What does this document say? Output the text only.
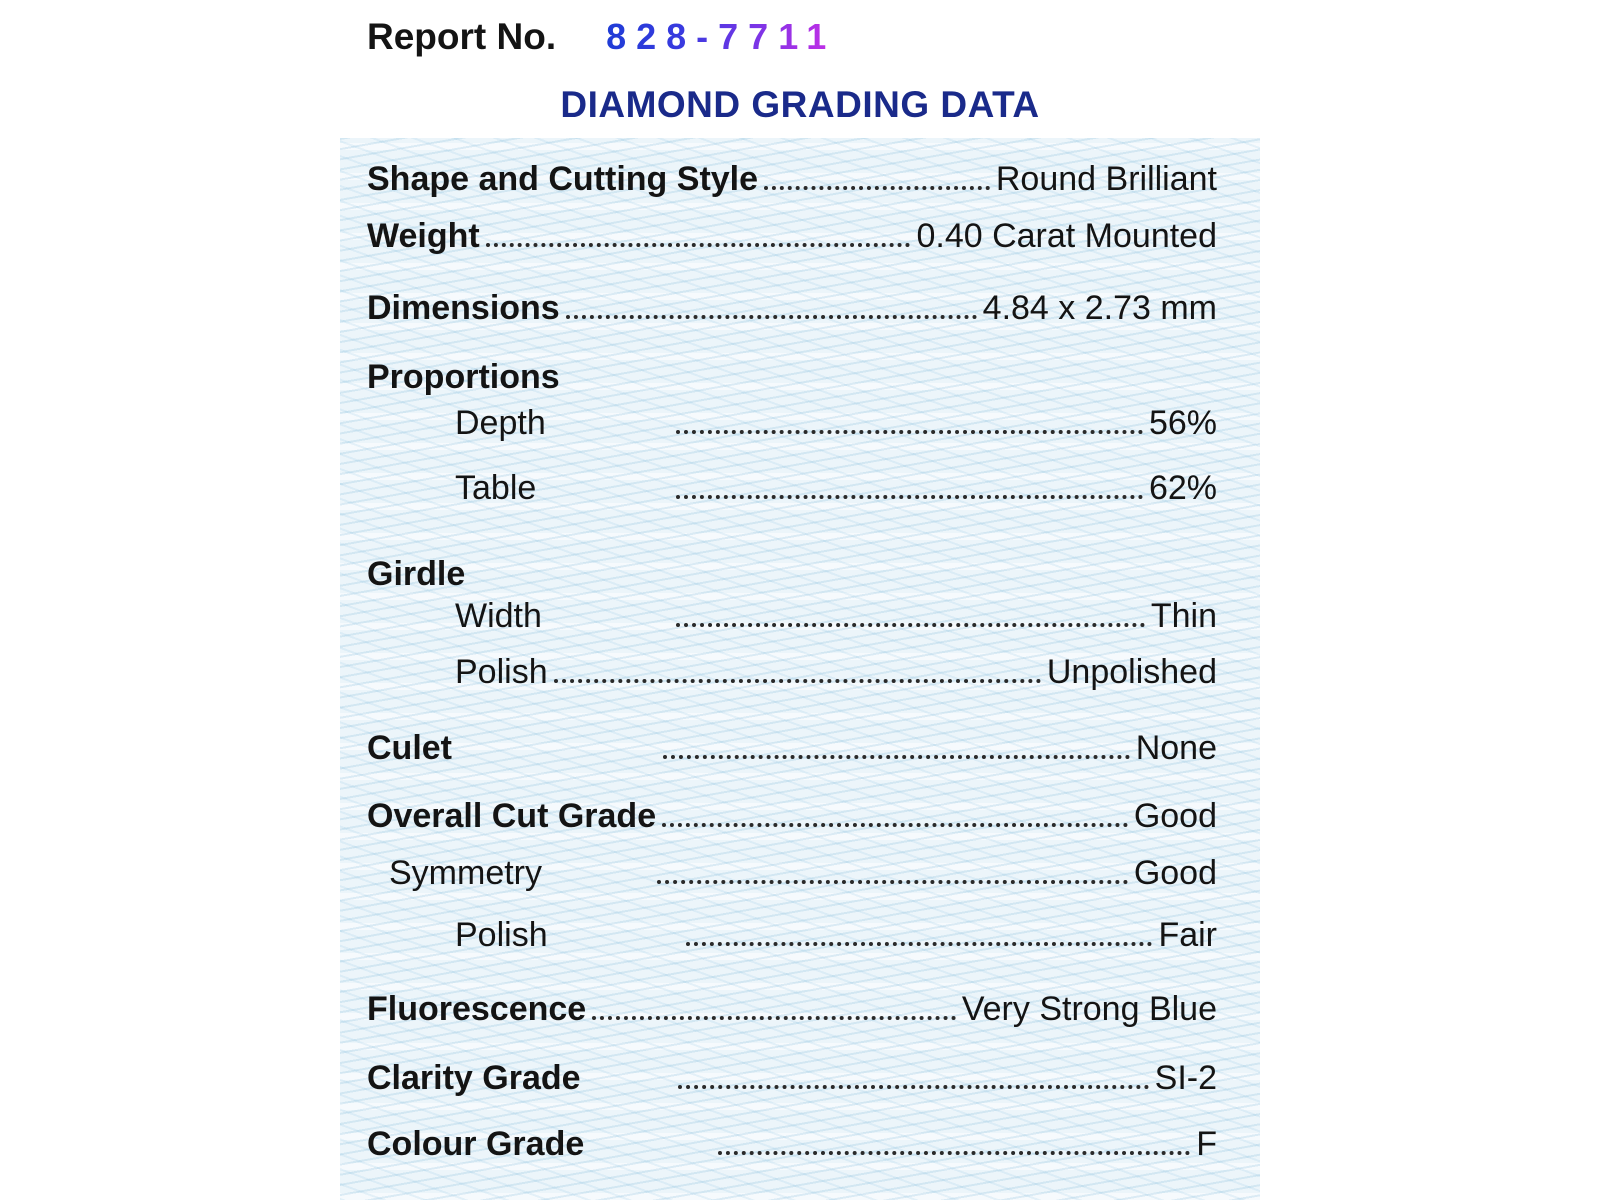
Report No. 828-7711
DIAMOND GRADING DATA
Shape and Cutting Style	Round Brilliant
Weight	0.40 Carat Mounted
Dimensions	4.84 x 2.73 mm
Proportions
Depth	56%
Table	62%
Girdle
Width	Thin
Polish	Unpolished
Culet	None
Overall Cut Grade	Good
Symmetry	Good
Polish	Fair
Fluorescence	Very Strong Blue
Clarity Grade	SI-2
Colour Grade	F
